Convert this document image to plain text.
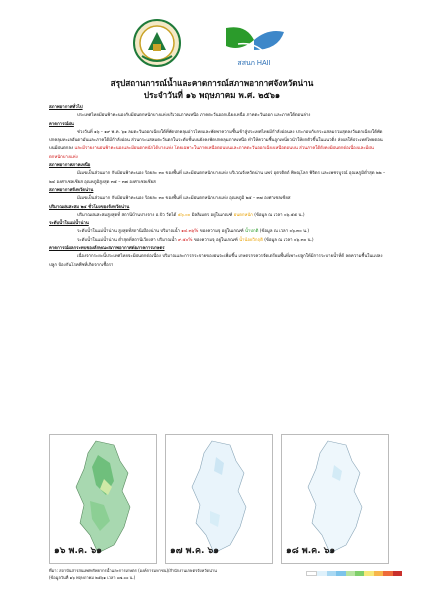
สสนก HAII
สรุปสถานการณ์น้ำและคาดการณ์สภาพอากาศจังหวัดน่าน
ประจำวันที่ ๑๖ พฤษภาคม พ.ศ. ๒๕๖๑
สภาพอากาศทั่วไป
ประเทศไทยมีฝนฟ้าคะนองกับมีฝนตกหนักบางแห่งบริเวณภาคเหนือ ภาคตะวันออกเฉียงเหนือ ภาคตะวันออก และภาคใต้ตอนล่าง
คาดการณ์ฝน
ช่วงวันที่ ๑๖ – ๑๙ พ.ค. ๖๑ ลมตะวันออกเฉียงใต้ที่พัดปกคลุมอ่าวไทยและพัดพาความชื้นเข้าสู่ประเทศไทยมีกำลังอ่อนลง ประกอบกับกระแสลมรวมสุดลงวันตกเฉียงใต้พัดปกคลุมทะเลอันดามันและภาคใต้มีกำลังอ่อน ส่วนกระแสลมตะวันตกในระดับชั้นบนยังคงพัดปกคลุมภาคเหนือ ทำให้ความชื้นถูกเหนี่ยวนำให้ยกตัวขึ้นในแนวดิ่ง ส่งผลให้ประเทศไทยตอนบนมีฝนตกลง และมีรายงานฝนฟ้าคะนองและมีฝนตกหนักได้บางแห่ง โดยเฉพาะในภาคเหนือตอนบนและภาคตะวันออกเฉียงเหนือตอนบน ส่วนภาคใต้ยังคงมีฝนตกต่อเนื่องและมีฝนตกหนักบางแห่ง
สภาพอากาศภาคเหนือ
มีเมฆเป็นส่วนมาก กับมีฝนฟ้าคะนอง ร้อยละ ๓๐ ของพื้นที่ และมีฝนตกหนักบางแห่ง บริเวณจังหวัดน่าน แพร่ อุตรดิตถ์ พิษณุโลก พิจิตร และเพชรบูรณ์ อุณหภูมิต่ำสุด ๒๒ – ๒๔ องศาเซลเซียส อุณหภูมิสูงสุด ๓๕ – ๓๗ องศาเซลเซียส
สภาพอากาศจังหวัดน่าน
มีเมฆเป็นส่วนมาก กับมีฝนฟ้าคะนอง ร้อยละ ๓๐ ของพื้นที่ และมีฝนตกหนักบางแห่ง อุณหภูมิ ๒๕ – ๓๗ องศาเซลเซียส
ปริมาณฝนสะสม ๒๔ ชั่วโมงของจังหวัดน่าน
ปริมาณฝนสะสมสูงสุดที่ สถานีบ้านปางจาง อ.ปัว วัดได้ ๕๖.๐๐ มิลลิเมตร อยู่ในเกณฑ์ ฝนตกหนัก (ข้อมูล ณ เวลา ๐๖.๕๕ น.)
ระดับน้ำในแม่น้ำน่าน
ระดับน้ำในแม่น้ำน่าน สูงสุดที่สถานีเมืองน่าน ปริมาณน้ำ ๑๔.๓๖% ของความจุ อยู่ในเกณฑ์ น้ำปกติ (ข้อมูล ณ เวลา ๐๖.๓๐ น.)
ระดับน้ำในแม่น้ำน่าน ต่ำสุดที่สถานีเวียงสา ปริมาณน้ำ ๙.๕๐% ของความจุ อยู่ในเกณฑ์ น้ำน้อยวิกฤติ (ข้อมูล ณ เวลา ๐๖.๓๐ น.)
คาดการณ์ผลกระทบของลักษณะสภาพอากาศต่อภาคการเกษตร
เนื่องจากระยะนี้ประเทศไทยจะมีฝนตกต่อเนื่อง ปริมาณและการกระจายของฝนจะเพิ่มขึ้น เกษตรกรควรจัดเตรียมพื้นที่เพาะปลูกให้มีการระบายน้ำที่ดี ลดความชื้นในแปลงปลูก ป้องกันโรคพืชที่เกิดจากเชื้อรา
๑๖ พ.ค. ๖๑	๑๗ พ.ค. ๖๑	๑๘ พ.ค. ๖๑
ที่มา: สถาบันสารสนเทศทรัพยากรน้ำและการเกษตร (องค์การมหาชน)/สำนักงานเกษตรจังหวัดน่าน
(ข้อมูลวันที่ ๑๖ พฤษภาคม ๒๕๖๑ เวลา ๐๗.๐๐ น.)
